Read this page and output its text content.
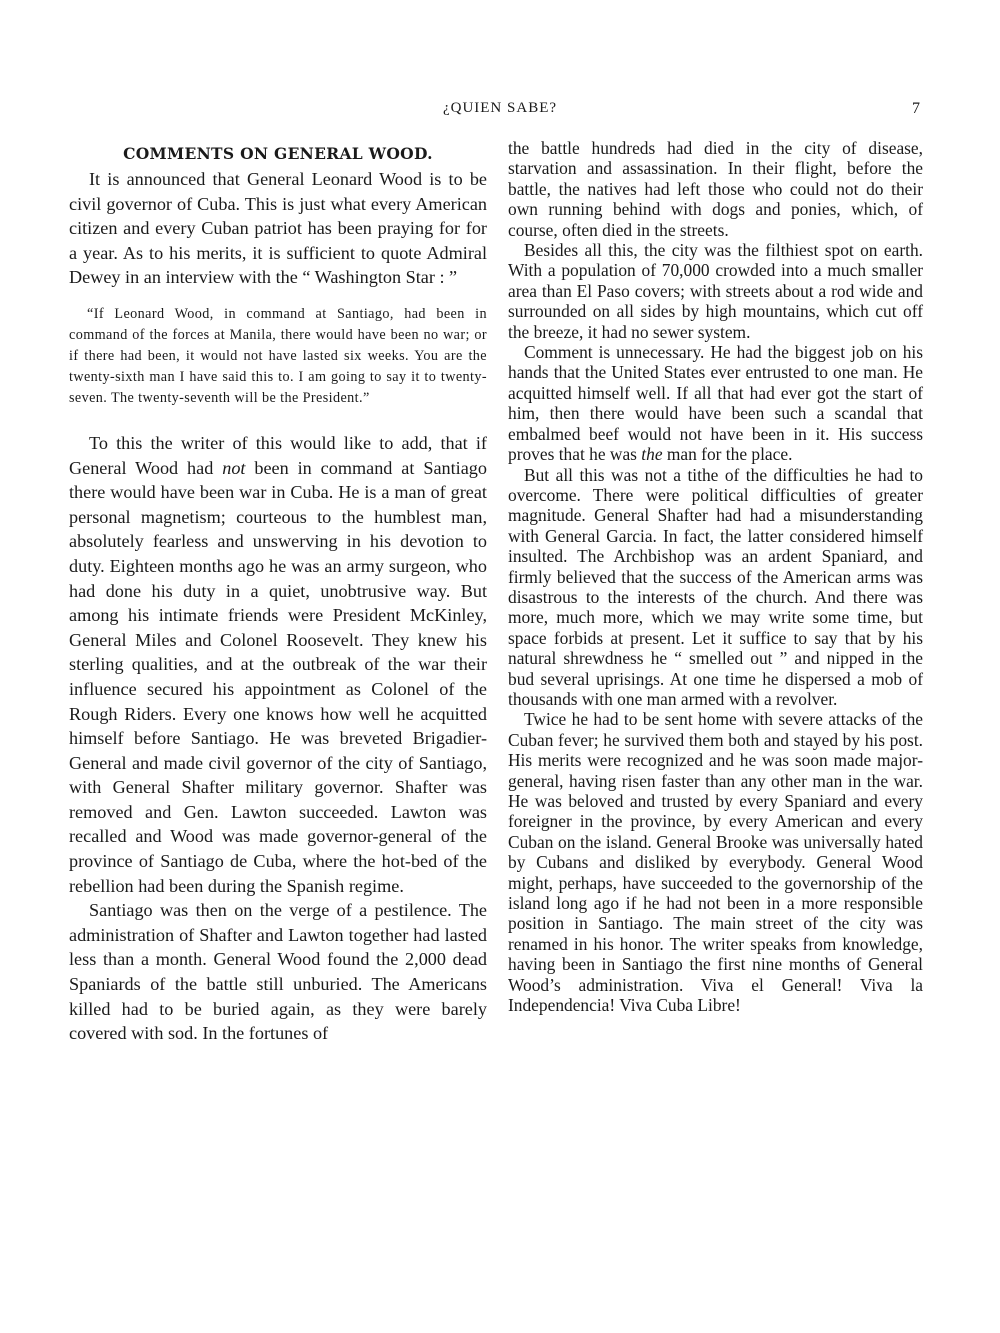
¿QUIEN SABE?	7
COMMENTS ON GENERAL WOOD.

It is announced that General Leonard Wood is to be civil governor of Cuba. This is just what every American citizen and every Cuban patriot has been praying for for a year. As to his merits, it is sufficient to quote Admiral Dewey in an interview with the “ Washington Star : ”

“If Leonard Wood, in command at Santiago, had been in command of the forces at Manila, there would have been no war; or if there had been, it would not have lasted six weeks. You are the twenty-sixth man I have said this to. I am going to say it to twenty-seven. The twenty-seventh will be the President.”

To this the writer of this would like to add, that if General Wood had not been in command at Santiago there would have been war in Cuba. He is a man of great personal magnetism; courteous to the humblest man, absolutely fearless and unswerving in his devotion to duty. Eighteen months ago he was an army surgeon, who had done his duty in a quiet, unobtrusive way. But among his intimate friends were President McKinley, General Miles and Colonel Roosevelt. They knew his sterling qualities, and at the outbreak of the war their influence secured his appointment as Colonel of the Rough Riders. Every one knows how well he acquitted himself before Santiago. He was breveted Brigadier-General and made civil governor of the city of Santiago, with General Shafter military governor. Shafter was removed and Gen. Lawton succeeded. Lawton was recalled and Wood was made governor-general of the province of Santiago de Cuba, where the hot-bed of the rebellion had been during the Spanish regime.

Santiago was then on the verge of a pestilence. The administration of Shafter and Lawton together had lasted less than a month. General Wood found the 2,000 dead Spaniards of the battle still unburied. The Americans killed had to be buried again, as they were barely covered with sod. In the fortunes of

the battle hundreds had died in the city of disease, starvation and assassination. In their flight, before the battle, the natives had left those who could not do their own running behind with dogs and ponies, which, of course, often died in the streets.

Besides all this, the city was the filthiest spot on earth. With a population of 70,000 crowded into a much smaller area than El Paso covers; with streets about a rod wide and surrounded on all sides by high mountains, which cut off the breeze, it had no sewer system.

Comment is unnecessary. He had the biggest job on his hands that the United States ever entrusted to one man. He acquitted himself well. If all that had ever got the start of him, then there would have been such a scandal that embalmed beef would not have been in it. His success proves that he was the man for the place.

But all this was not a tithe of the difficulties he had to overcome. There were political difficulties of greater magnitude. General Shafter had had a misunderstanding with General Garcia. In fact, the latter considered himself insulted. The Archbishop was an ardent Spaniard, and firmly believed that the success of the American arms was disastrous to the interests of the church. And there was more, much more, which we may write some time, but space forbids at present. Let it suffice to say that by his natural shrewdness he “ smelled out ” and nipped in the bud several uprisings. At one time he dispersed a mob of thousands with one man armed with a revolver.

Twice he had to be sent home with severe attacks of the Cuban fever; he survived them both and stayed by his post. His merits were recognized and he was soon made major-general, having risen faster than any other man in the war. He was beloved and trusted by every Spaniard and every foreigner in the province, by every American and every Cuban on the island. General Brooke was universally hated by Cubans and disliked by everybody. General Wood might, perhaps, have succeeded to the governorship of the island long ago if he had not been in a more responsible position in Santiago. The main street of the city was renamed in his honor. The writer speaks from knowledge, having been in Santiago the first nine months of General Wood’s administration. Viva el General! Viva la Independencia! Viva Cuba Libre!
